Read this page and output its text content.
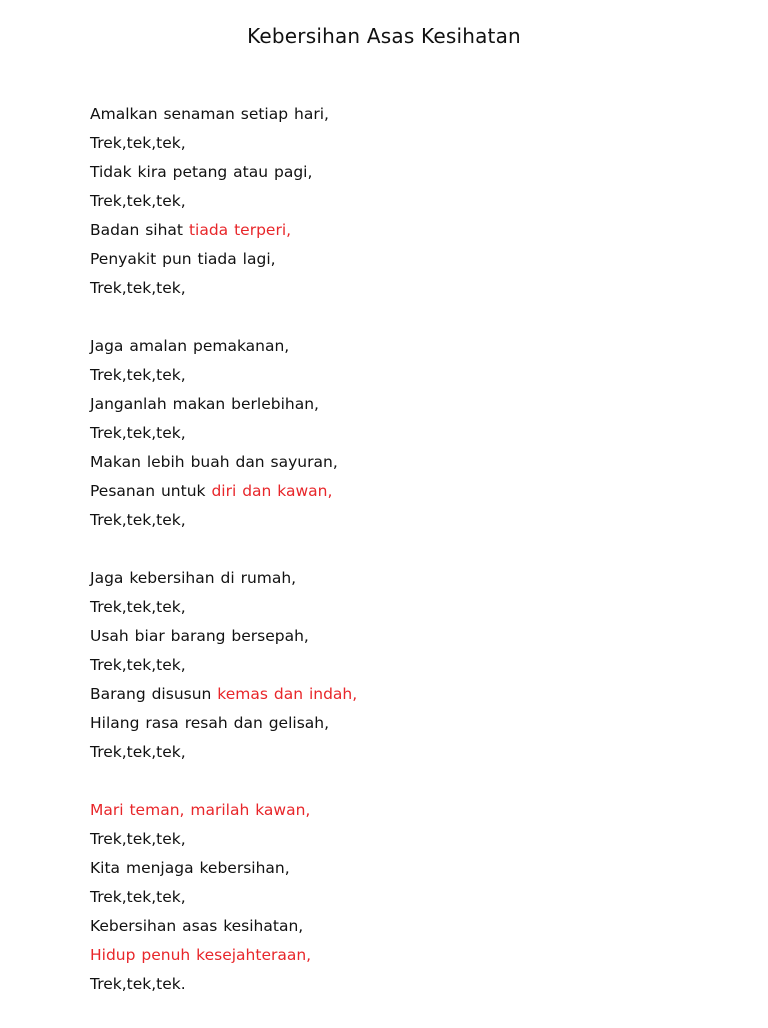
Kebersihan Asas Kesihatan
Amalkan senaman setiap hari,
Trek,tek,tek,
Tidak kira petang atau pagi,
Trek,tek,tek,
Badan sihat tiada terperi,
Penyakit pun tiada lagi,
Trek,tek,tek,
Jaga amalan pemakanan,
Trek,tek,tek,
Janganlah makan berlebihan,
Trek,tek,tek,
Makan lebih buah dan sayuran,
Pesanan untuk diri dan kawan,
Trek,tek,tek,
Jaga kebersihan di rumah,
Trek,tek,tek,
Usah biar barang bersepah,
Trek,tek,tek,
Barang disusun kemas dan indah,
Hilang rasa resah dan gelisah,
Trek,tek,tek,
Mari teman, marilah kawan,
Trek,tek,tek,
Kita menjaga kebersihan,
Trek,tek,tek,
Kebersihan asas kesihatan,
Hidup penuh kesejahteraan,
Trek,tek,tek.
